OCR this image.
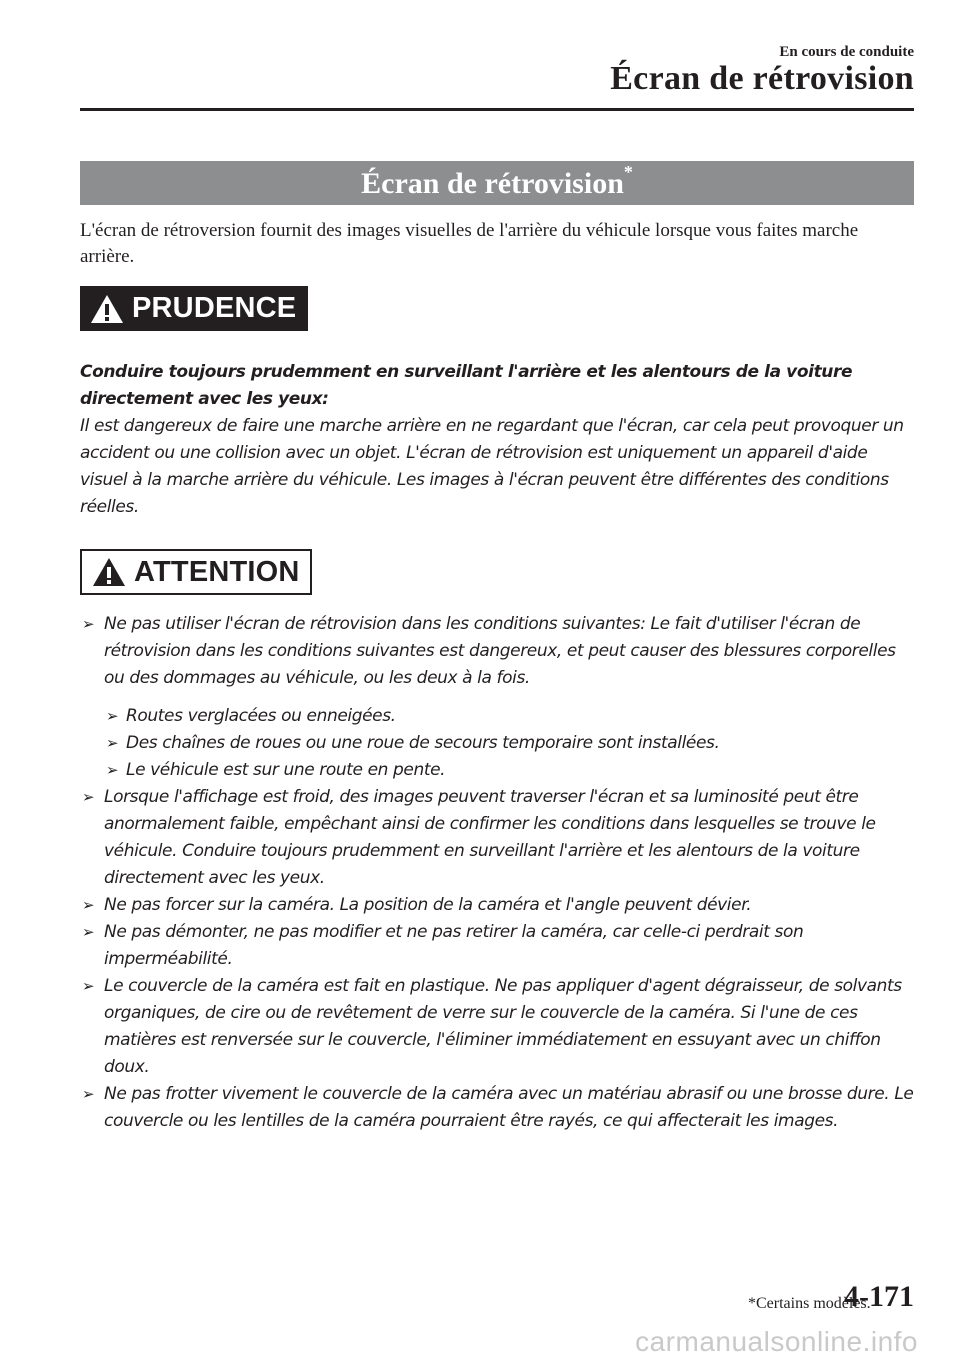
En cours de conduite
Écran de rétrovision
Écran de rétrovision*
L'écran de rétroversion fournit des images visuelles de l'arrière du véhicule lorsque vous faites marche arrière.
PRUDENCE
Conduire toujours prudemment en surveillant l'arrière et les alentours de la voiture directement avec les yeux:
Il est dangereux de faire une marche arrière en ne regardant que l'écran, car cela peut provoquer un accident ou une collision avec un objet. L'écran de rétrovision est uniquement un appareil d'aide visuel à la marche arrière du véhicule. Les images à l'écran peuvent être différentes des conditions réelles.
ATTENTION
➢ Ne pas utiliser l'écran de rétrovision dans les conditions suivantes: Le fait d'utiliser l'écran de rétrovision dans les conditions suivantes est dangereux, et peut causer des blessures corporelles ou des dommages au véhicule, ou les deux à la fois.
➢ Routes verglacées ou enneigées.
➢ Des chaînes de roues ou une roue de secours temporaire sont installées.
➢ Le véhicule est sur une route en pente.
➢ Lorsque l'affichage est froid, des images peuvent traverser l'écran et sa luminosité peut être anormalement faible, empêchant ainsi de confirmer les conditions dans lesquelles se trouve le véhicule. Conduire toujours prudemment en surveillant l'arrière et les alentours de la voiture directement avec les yeux.
➢ Ne pas forcer sur la caméra. La position de la caméra et l'angle peuvent dévier.
➢ Ne pas démonter, ne pas modifier et ne pas retirer la caméra, car celle-ci perdrait son imperméabilité.
➢ Le couvercle de la caméra est fait en plastique. Ne pas appliquer d'agent dégraisseur, de solvants organiques, de cire ou de revêtement de verre sur le couvercle de la caméra. Si l'une de ces matières est renversée sur le couvercle, l'éliminer immédiatement en essuyant avec un chiffon doux.
➢ Ne pas frotter vivement le couvercle de la caméra avec un matériau abrasif ou une brosse dure. Le couvercle ou les lentilles de la caméra pourraient être rayés, ce qui affecterait les images.
*Certains modèles.
4-171
carmanualsonline.info
